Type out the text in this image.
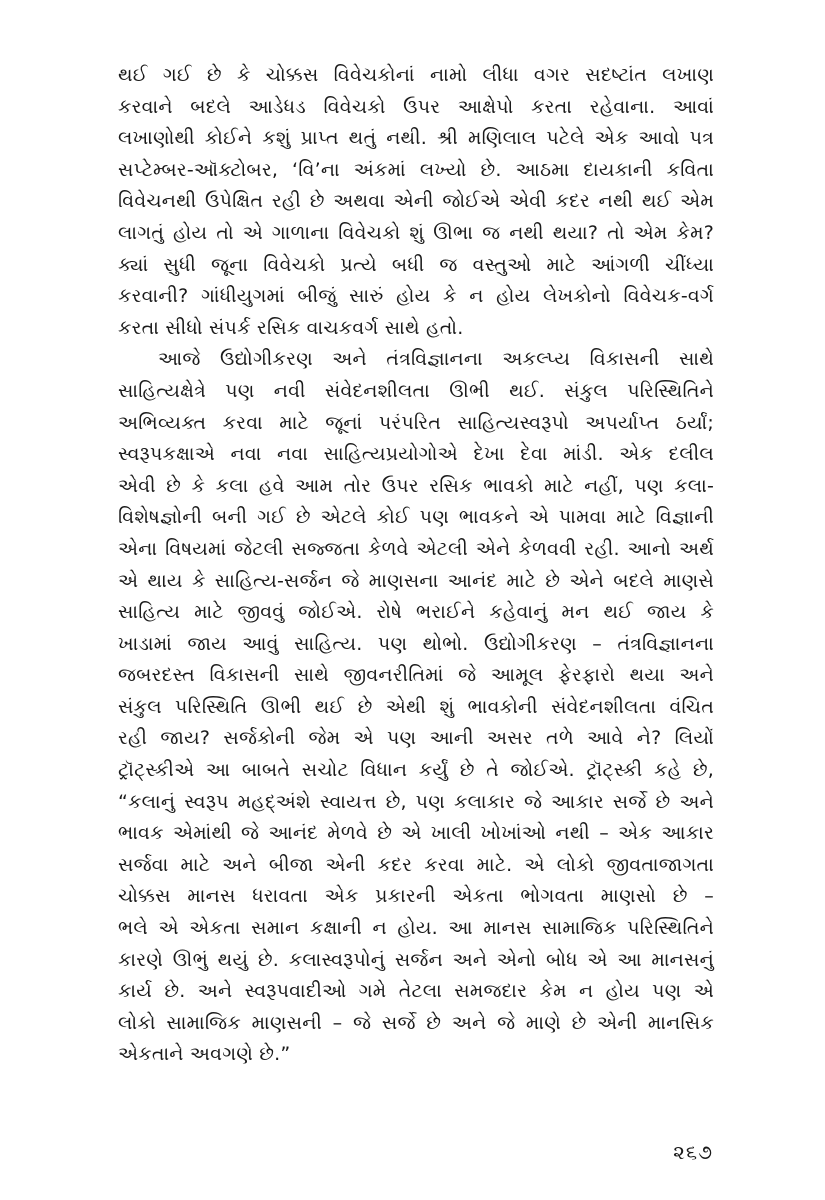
થઈ ગઈ છે કે ચોક્કસ વિવેચકોનાં નામો લીધા વગર સદષ્ટાંત લખાણ
કરવાને બદલે આડેધડ વિવેચકો ઉપર આક્ષેપો કરતા રહેવાના. આવાં
લખાણોથી કોઈને કશું પ્રાપ્ત થતું નથી. શ્રી મણિલાલ પટેલે એક આવો પત્ર
સપ્ટેમ્બર-ઑક્ટોબર, ‘વિ’ના અંકમાં લખ્યો છે. આઠમા દાયકાની કવિતા
વિવેચનથી ઉપેક્ષિત રહી છે અથવા એની જોઈએ એવી કદર નથી થઈ એમ
લાગતું હોય તો એ ગાળાના વિવેચકો શું ઊભા જ નથી થયા? તો એમ કેમ?
ક્યાં સુધી જૂના વિવેચકો પ્રત્યે બધી જ વસ્તુઓ માટે આંગળી ચીંધ્યા
કરવાની? ગાંધીયુગમાં બીજું સારું હોય કે ન હોય લેખકોનો વિવેચક-વર્ગ
કરતા સીધો સંપર્ક રસિક વાચકવર્ગ સાથે હતો.
આજે ઉદ્યોગીકરણ અને તંત્રવિજ્ઞાનના અકલ્પ્ય વિકાસની સાથે
સાહિત્યક્ષેત્રે પણ નવી સંવેદનશીલતા ઊભી થઈ. સંકુલ પરિસ્થિતિને
અભિવ્યક્ત કરવા માટે જૂનાં પરંપરિત સાહિત્યસ્વરૂપો અપર્યાપ્ત ઠર્યાં;
સ્વરૂપકક્ષાએ નવા નવા સાહિત્યપ્રયોગોએ દેખા દેવા માંડી. એક દલીલ
એવી છે કે કલા હવે આમ તોર ઉપર રસિક ભાવકો માટે નહીં, પણ કલા-
વિશેષજ્ઞોની બની ગઈ છે એટલે કોઈ પણ ભાવકને એ પામવા માટે વિજ્ઞાની
એના વિષયમાં જેટલી સજ્જતા કેળવે એટલી એને કેળવવી રહી. આનો અર્થ
એ થાય કે સાહિત્ય-સર્જન જે માણસના આનંદ માટે છે એને બદલે માણસે
સાહિત્ય માટે જીવવું જોઈએ. રોષે ભરાઈને કહેવાનું મન થઈ જાય કે
ખાડામાં જાય આવું સાહિત્ય. પણ થોભો. ઉદ્યોગીકરણ – તંત્રવિજ્ઞાનના
જબરદસ્ત વિકાસની સાથે જીવનરીતિમાં જે આમૂલ ફેરફારો થયા અને
સંકુલ પરિસ્થિતિ ઊભી થઈ છે એથી શું ભાવકોની સંવેદનશીલતા વંચિત
રહી જાય? સર્જકોની જેમ એ પણ આની અસર તળે આવે ને? લિયોં
ટ્રૉટ્સ્કીએ આ બાબતે સચોટ વિધાન કર્યું છે તે જોઈએ. ટ્રૉટ્સ્કી કહે છે,
“કલાનું સ્વરૂપ મહદ્અંશે સ્વાયત્ત છે, પણ કલાકાર જે આકાર સર્જે છે અને
ભાવક એમાંથી જે આનંદ મેળવે છે એ ખાલી ખોખાંઓ નથી – એક આકાર
સર્જવા માટે અને બીજા એની કદર કરવા માટે. એ લોકો જીવતાજાગતા
ચોક્કસ માનસ ધરાવતા એક પ્રકારની એકતા ભોગવતા માણસો છે –
ભલે એ એકતા સમાન કક્ષાની ન હોય. આ માનસ સામાજિક પરિસ્થિતિને
કારણે ઊભું થયું છે. કલાસ્વરૂપોનું સર્જન અને એનો બોધ એ આ માનસનું
કાર્ય છે. અને સ્વરૂપવાદીઓ ગમે તેટલા સમજદાર કેમ ન હોય પણ એ
લોકો સામાજિક માણસની – જે સર્જે છે અને જે માણે છે એની માનસિક
એકતાને અવગણે છે.”
૨૬૭
